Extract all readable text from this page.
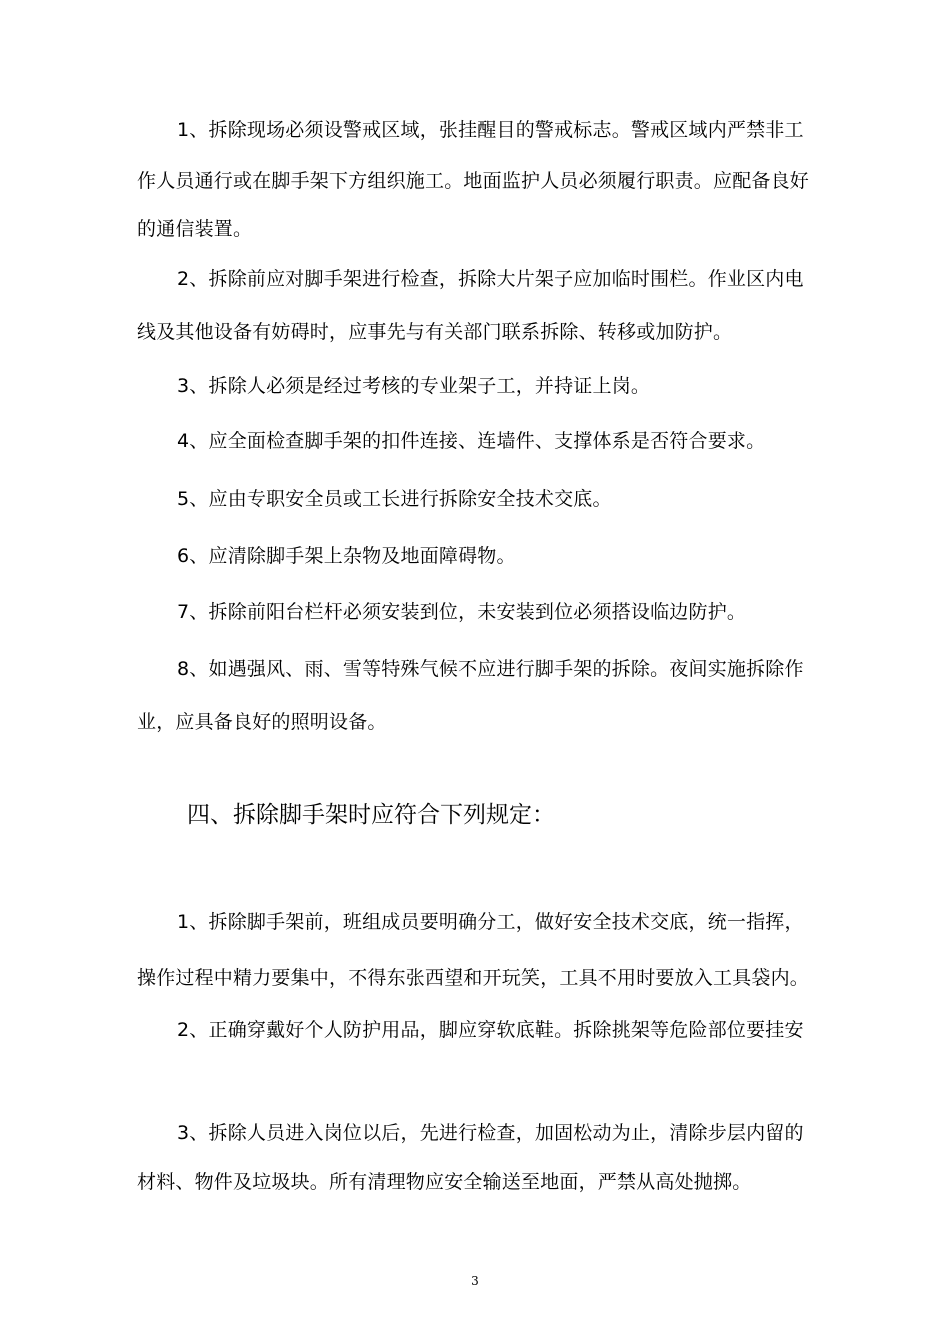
1、拆除现场必须设警戒区域，张挂醒目的警戒标志。警戒区域内严禁非工
作人员通行或在脚手架下方组织施工。地面监护人员必须履行职责。应配备良好
的通信装置。
2、拆除前应对脚手架进行检查，拆除大片架子应加临时围栏。作业区内电
线及其他设备有妨碍时，应事先与有关部门联系拆除、转移或加防护。
3、拆除人必须是经过考核的专业架子工，并持证上岗。
4、应全面检查脚手架的扣件连接、连墙件、支撑体系是否符合要求。
5、应由专职安全员或工长进行拆除安全技术交底。
6、应清除脚手架上杂物及地面障碍物。
7、拆除前阳台栏杆必须安装到位，未安装到位必须搭设临边防护。
8、如遇强风、雨、雪等特殊气候不应进行脚手架的拆除。夜间实施拆除作
业，应具备良好的照明设备。
四、拆除脚手架时应符合下列规定：
1、拆除脚手架前，班组成员要明确分工，做好安全技术交底，统一指挥，
操作过程中精力要集中，不得东张西望和开玩笑，工具不用时要放入工具袋内。
2、正确穿戴好个人防护用品，脚应穿软底鞋。拆除挑架等危险部位要挂安
3、拆除人员进入岗位以后，先进行检查，加固松动为止，清除步层内留的
材料、物件及垃圾块。所有清理物应安全输送至地面，严禁从高处抛掷。
3
